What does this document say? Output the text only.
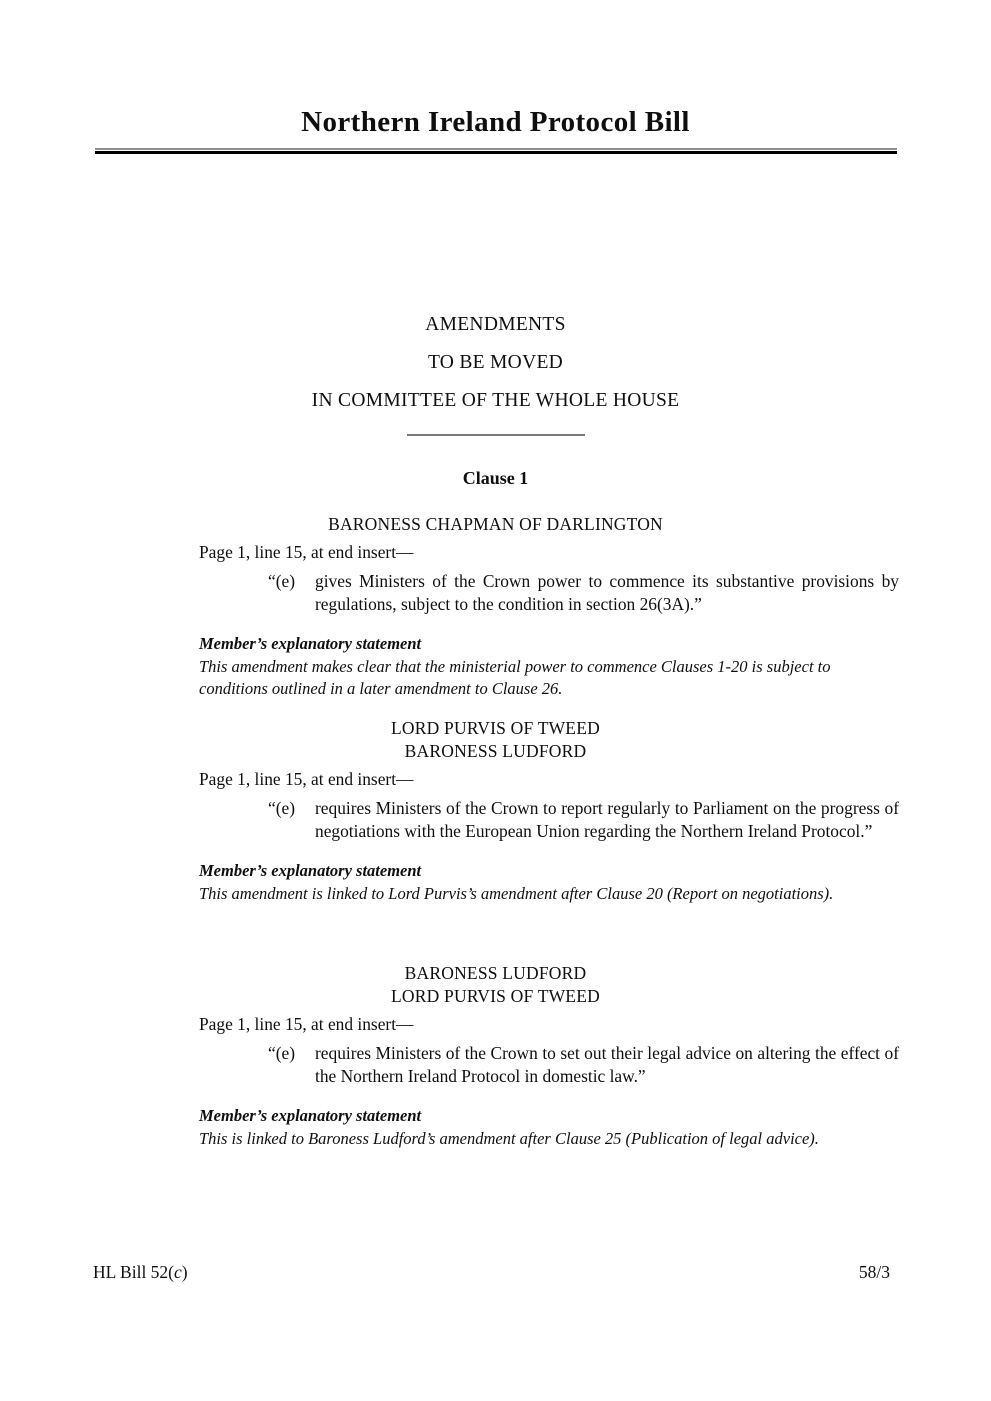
Northern Ireland Protocol Bill
AMENDMENTS
TO BE MOVED
IN COMMITTEE OF THE WHOLE HOUSE
Clause 1
BARONESS CHAPMAN OF DARLINGTON
Page 1, line 15, at end insert—
“(e)	gives Ministers of the Crown power to commence its substantive provisions by regulations, subject to the condition in section 26(3A).”
Member’s explanatory statement
This amendment makes clear that the ministerial power to commence Clauses 1-20 is subject to conditions outlined in a later amendment to Clause 26.
LORD PURVIS OF TWEED
BARONESS LUDFORD
Page 1, line 15, at end insert—
“(e)	requires Ministers of the Crown to report regularly to Parliament on the progress of negotiations with the European Union regarding the Northern Ireland Protocol.”
Member’s explanatory statement
This amendment is linked to Lord Purvis’s amendment after Clause 20 (Report on negotiations).
BARONESS LUDFORD
LORD PURVIS OF TWEED
Page 1, line 15, at end insert—
“(e)	requires Ministers of the Crown to set out their legal advice on altering the effect of the Northern Ireland Protocol in domestic law.”
Member’s explanatory statement
This is linked to Baroness Ludford’s amendment after Clause 25 (Publication of legal advice).
HL Bill 52(c)	58/3
